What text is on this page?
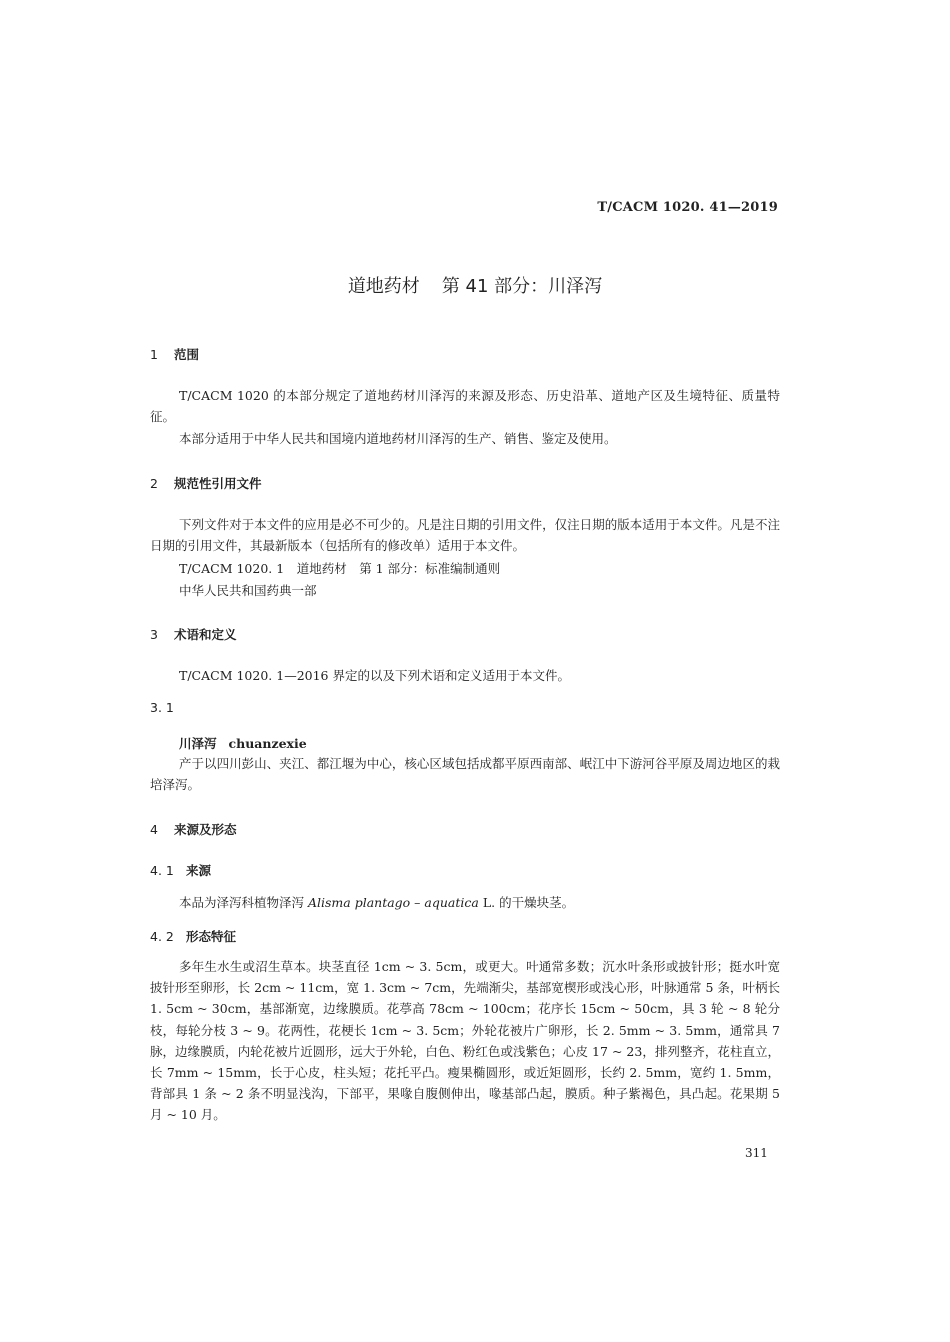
T/CACM 1020. 41—2019
道地药材 第 41 部分：川泽泻
1 范围
T/CACM 1020 的本部分规定了道地药材川泽泻的来源及形态、历史沿革、道地产区及生境特征、质量特征。
本部分适用于中华人民共和国境内道地药材川泽泻的生产、销售、鉴定及使用。
2 规范性引用文件
下列文件对于本文件的应用是必不可少的。凡是注日期的引用文件，仅注日期的版本适用于本文件。凡是不注日期的引用文件，其最新版本（包括所有的修改单）适用于本文件。
T/CACM 1020. 1　道地药材　第 1 部分：标准编制通则
中华人民共和国药典一部
3 术语和定义
T/CACM 1020. 1—2016 界定的以及下列术语和定义适用于本文件。
3. 1
川泽泻 chuanzexie
产于以四川彭山、夹江、都江堰为中心，核心区域包括成都平原西南部、岷江中下游河谷平原及周边地区的栽培泽泻。
4 来源及形态
4. 1 来源
本品为泽泻科植物泽泻 Alisma plantago – aquatica L. 的干燥块茎。
4. 2 形态特征
多年生水生或沼生草本。块茎直径 1cm ~ 3. 5cm，或更大。叶通常多数；沉水叶条形或披针形；挺水叶宽披针形至卵形，长 2cm ~ 11cm，宽 1. 3cm ~ 7cm，先端渐尖，基部宽楔形或浅心形，叶脉通常 5 条，叶柄长 1. 5cm ~ 30cm，基部渐宽，边缘膜质。花葶高 78cm ~ 100cm；花序长 15cm ~ 50cm，具 3 轮 ~ 8 轮分枝，每轮分枝 3 ~ 9。花两性，花梗长 1cm ~ 3. 5cm；外轮花被片广卵形，长 2. 5mm ~ 3. 5mm，通常具 7 脉，边缘膜质，内轮花被片近圆形，远大于外轮，白色、粉红色或浅紫色；心皮 17 ~ 23，排列整齐，花柱直立，长 7mm ~ 15mm，长于心皮，柱头短；花托平凸。瘦果椭圆形，或近矩圆形，长约 2. 5mm，宽约 1. 5mm，背部具 1 条 ~ 2 条不明显浅沟，下部平，果喙自腹侧伸出，喙基部凸起，膜质。种子紫褐色，具凸起。花果期 5 月 ~ 10 月。
311
